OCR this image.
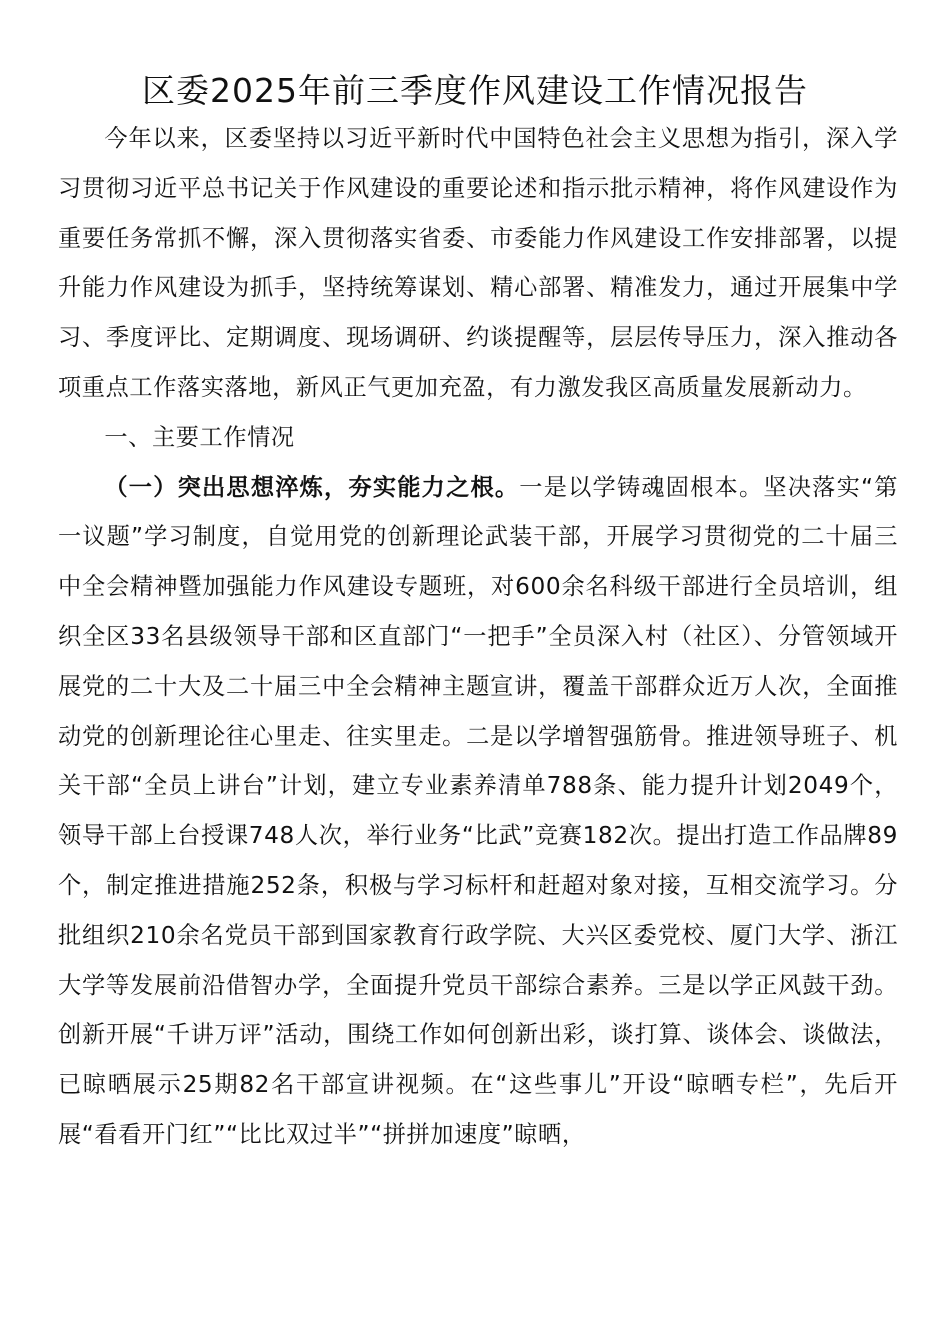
区委2025年前三季度作风建设工作情况报告

今年以来，区委坚持以习近平新时代中国特色社会主义思想为指引，深入学习贯彻习近平总书记关于作风建设的重要论述和指示批示精神，将作风建设作为重要任务常抓不懈，深入贯彻落实省委、市委能力作风建设工作安排部署，以提升能力作风建设为抓手，坚持统筹谋划、精心部署、精准发力，通过开展集中学习、季度评比、定期调度、现场调研、约谈提醒等，层层传导压力，深入推动各项重点工作落实落地，新风正气更加充盈，有力激发我区高质量发展新动力。

一、主要工作情况

（一）突出思想淬炼，夯实能力之根。一是以学铸魂固根本。坚决落实“第一议题”学习制度，自觉用党的创新理论武装干部，开展学习贯彻党的二十届三中全会精神暨加强能力作风建设专题班，对600余名科级干部进行全员培训，组织全区33名县级领导干部和区直部门“一把手”全员深入村（社区）、分管领域开展党的二十大及二十届三中全会精神主题宣讲，覆盖干部群众近万人次，全面推动党的创新理论往心里走、往实里走。二是以学增智强筋骨。推进领导班子、机关干部“全员上讲台”计划，建立专业素养清单788条、能力提升计划2049个，领导干部上台授课748人次，举行业务“比武”竞赛182次。提出打造工作品牌89个，制定推进措施252条，积极与学习标杆和赶超对象对接，互相交流学习。分批组织210余名党员干部到国家教育行政学院、大兴区委党校、厦门大学、浙江大学等发展前沿借智办学，全面提升党员干部综合素养。三是以学正风鼓干劲。创新开展“千讲万评”活动，围绕工作如何创新出彩，谈打算、谈体会、谈做法，已晾晒展示25期82名干部宣讲视频。在“这些事儿”开设“晾晒专栏”，先后开展“看看开门红”“比比双过半”“拼拼加速度”晾晒，
